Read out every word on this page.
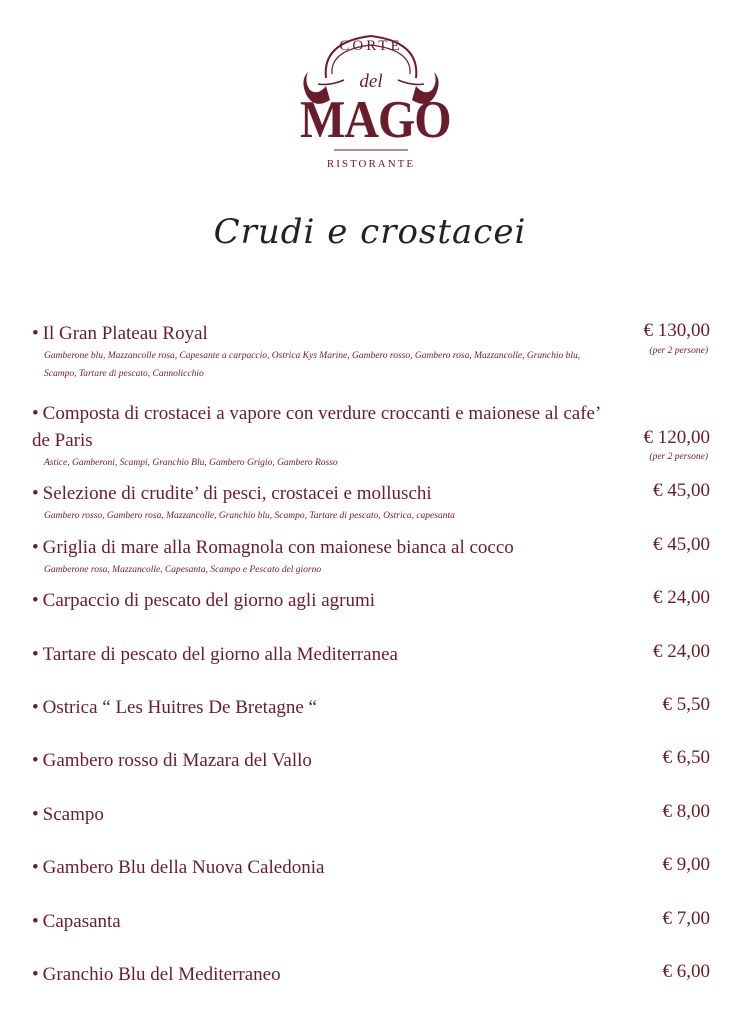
CORTE
del
MAGO
RISTORANTE
Crudi e crostacei
• Il Gran Plateau Royal
Gamberone blu, Mazzancolle rosa, Capesante a carpaccio, Ostrica Kys Marine, Gambero rosso, Gambero rosa, Mazzancolle, Granchio blu, Scampo, Tartare di pescato, Cannolicchio
€ 130,00
(per 2 persone)
• Composta di crostacei a vapore con verdure croccanti e maionese al cafe’ de Paris
Astice, Gamberoni, Scampi, Granchio Blu, Gambero Grigio, Gambero Rosso
€ 120,00
(per 2 persone)
• Selezione di crudite’ di pesci, crostacei e molluschi
Gambero rosso, Gambero rosa, Mazzancolle, Granchio blu, Scampo, Tartare di pescato, Ostrica, capesanta
€ 45,00
• Griglia di mare alla Romagnola con maionese bianca al cocco
Gamberone rosa, Mazzancolle, Capesanta, Scampo e Pescato del giorno
€ 45,00
• Carpaccio di pescato del giorno agli agrumi	€ 24,00
• Tartare di pescato del giorno alla Mediterranea	€ 24,00
• Ostrica “ Les Huitres De Bretagne “	€ 5,50
• Gambero rosso di Mazara del Vallo	€ 6,50
• Scampo	€ 8,00
• Gambero Blu della Nuova Caledonia	€ 9,00
• Capasanta	€ 7,00
• Granchio Blu del Mediterraneo	€ 6,00
